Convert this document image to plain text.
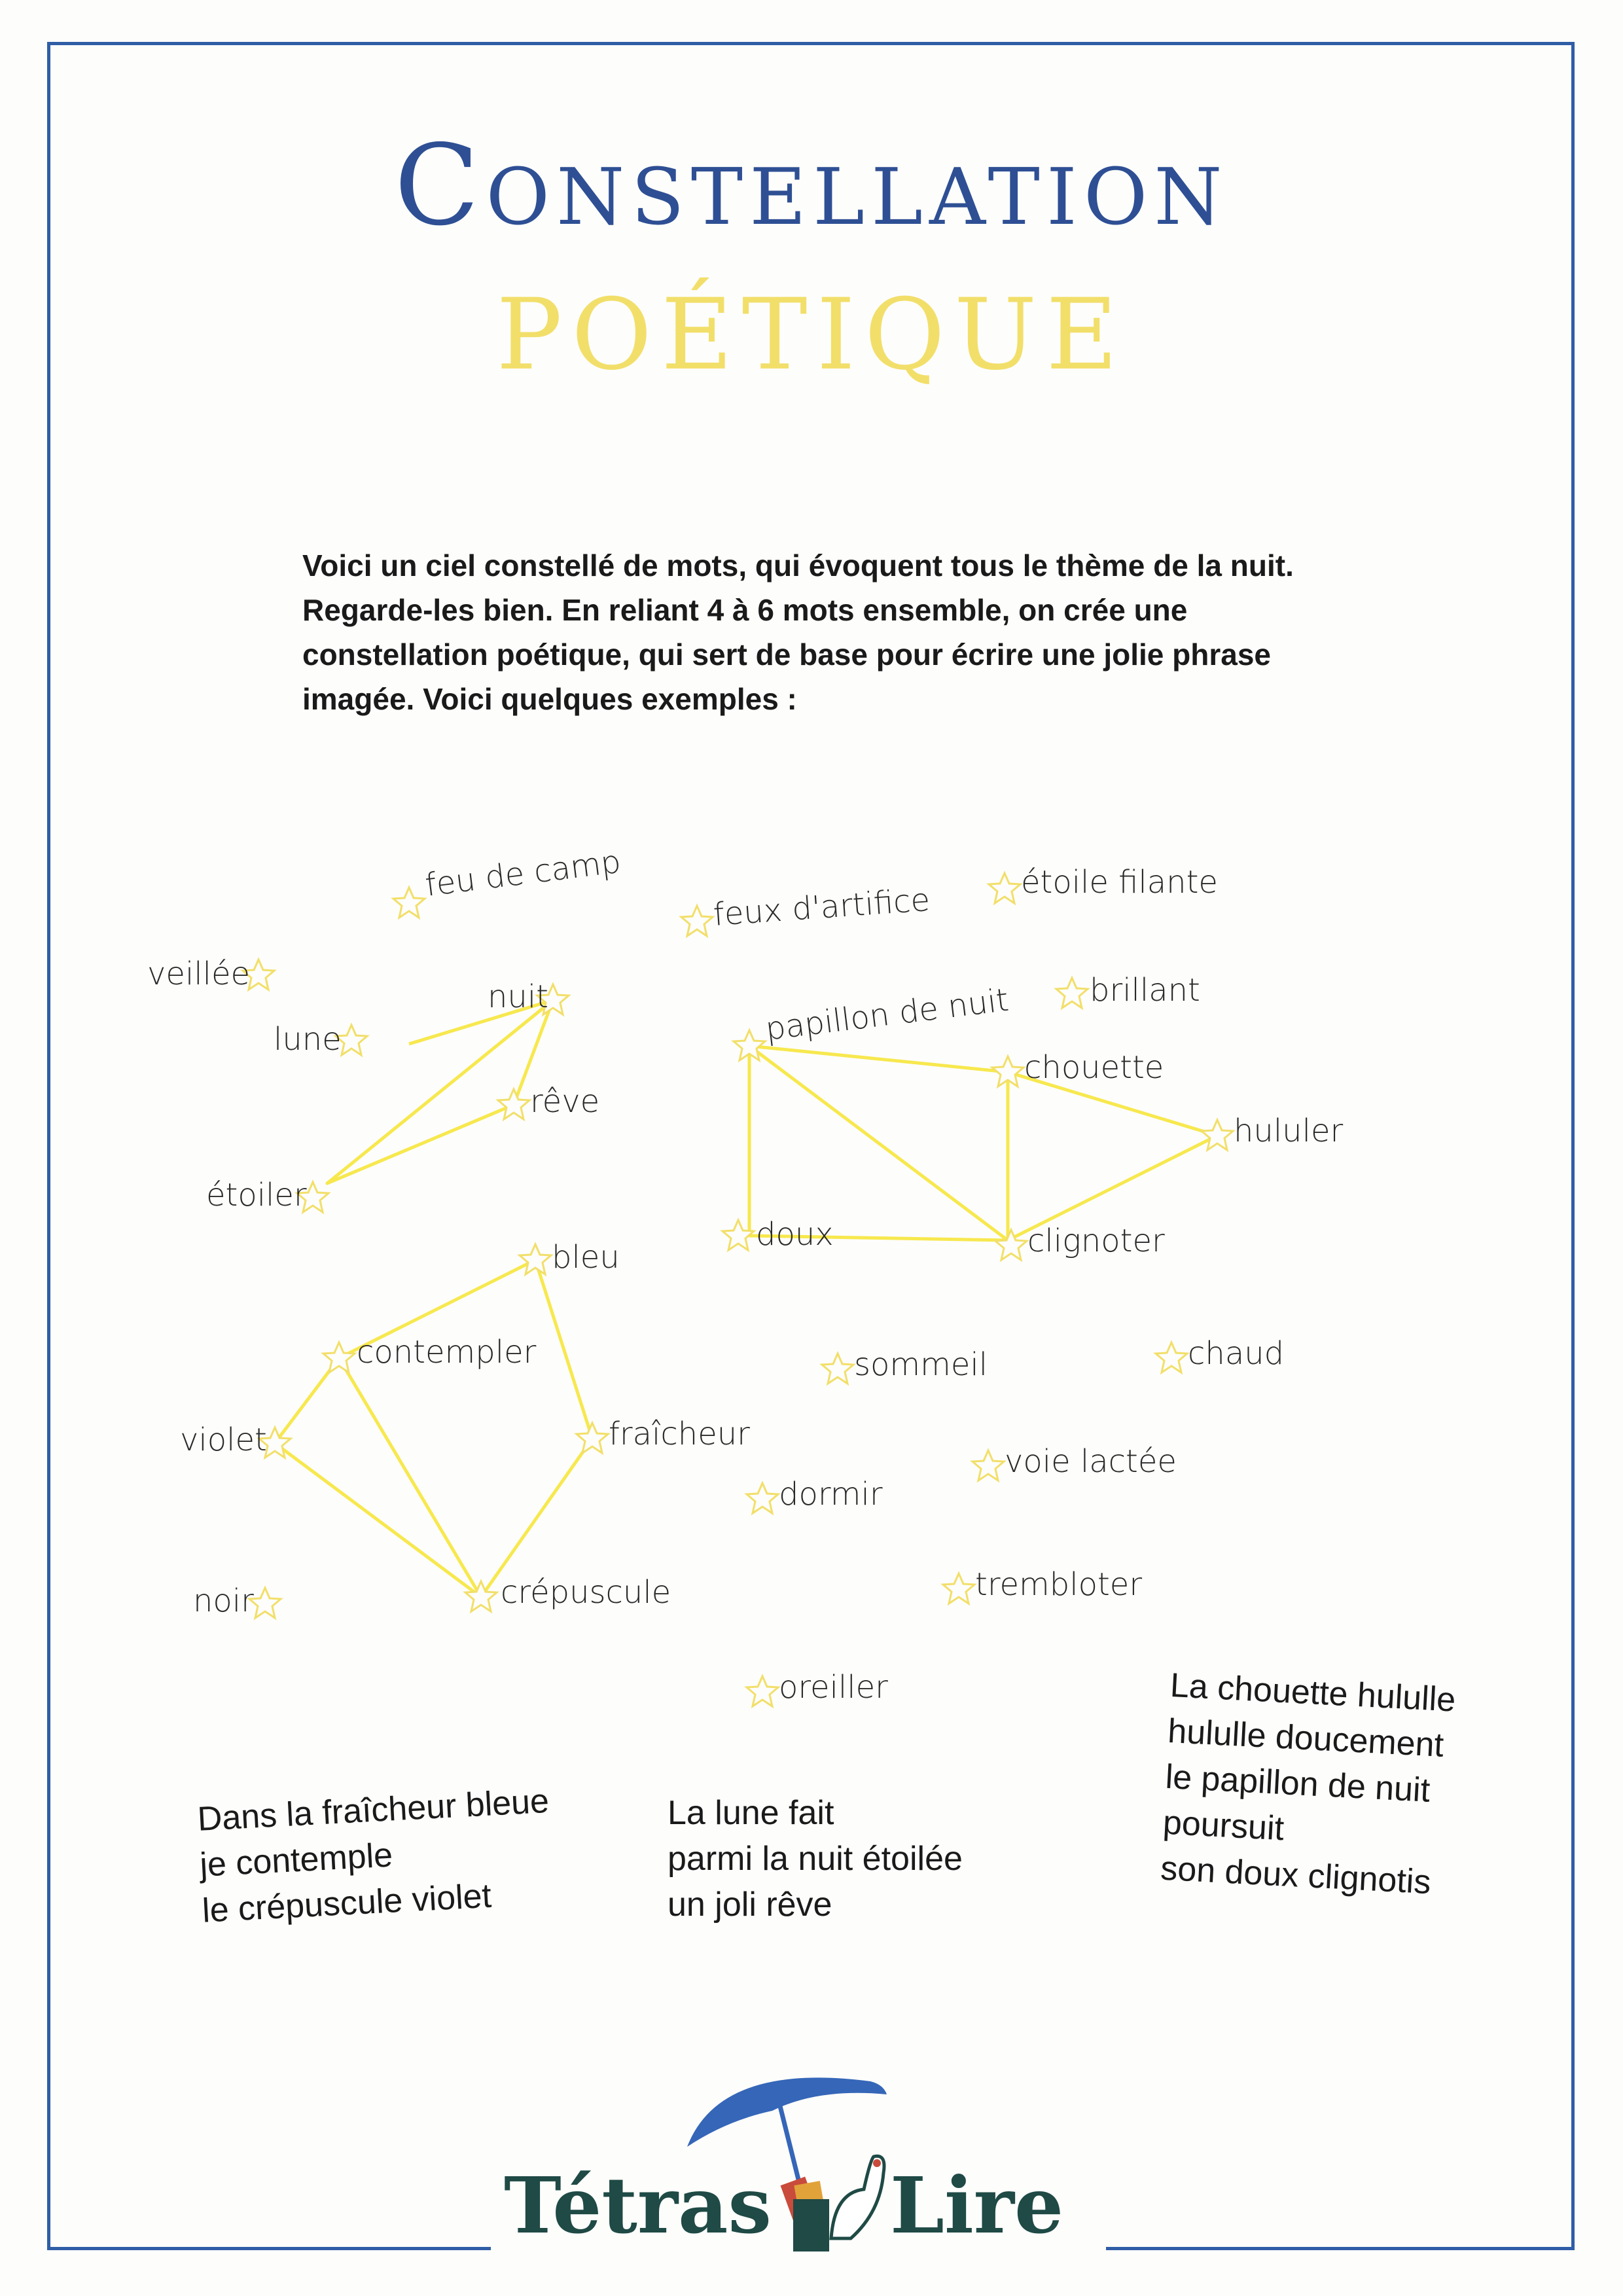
Constellation
POÉTIQUE
Voici un ciel constellé de mots, qui évoquent tous le thème de la nuit. Regarde-les bien. En reliant 4 à 6 mots ensemble, on crée une constellation poétique, qui sert de base pour écrire une jolie phrase imagée. Voici quelques exemples :
feu de camp
feux d'artifice	étoile filante
veillée
nuit
lune	papillon de nuit	brillant
chouette
rêve
hululer
étoiler
doux	clignoter
bleu
contempler	sommeil	chaud
violet	fraîcheur
voie lactée
dormir
noir	crépuscule	trembloter
oreiller
Dans la fraîcheur bleue
je contemple
le crépuscule violet
La lune fait
parmi la nuit étoilée
un joli rêve
La chouette hululle
hululle doucement
le papillon de nuit
poursuit
son doux clignotis
Tétras Lire
